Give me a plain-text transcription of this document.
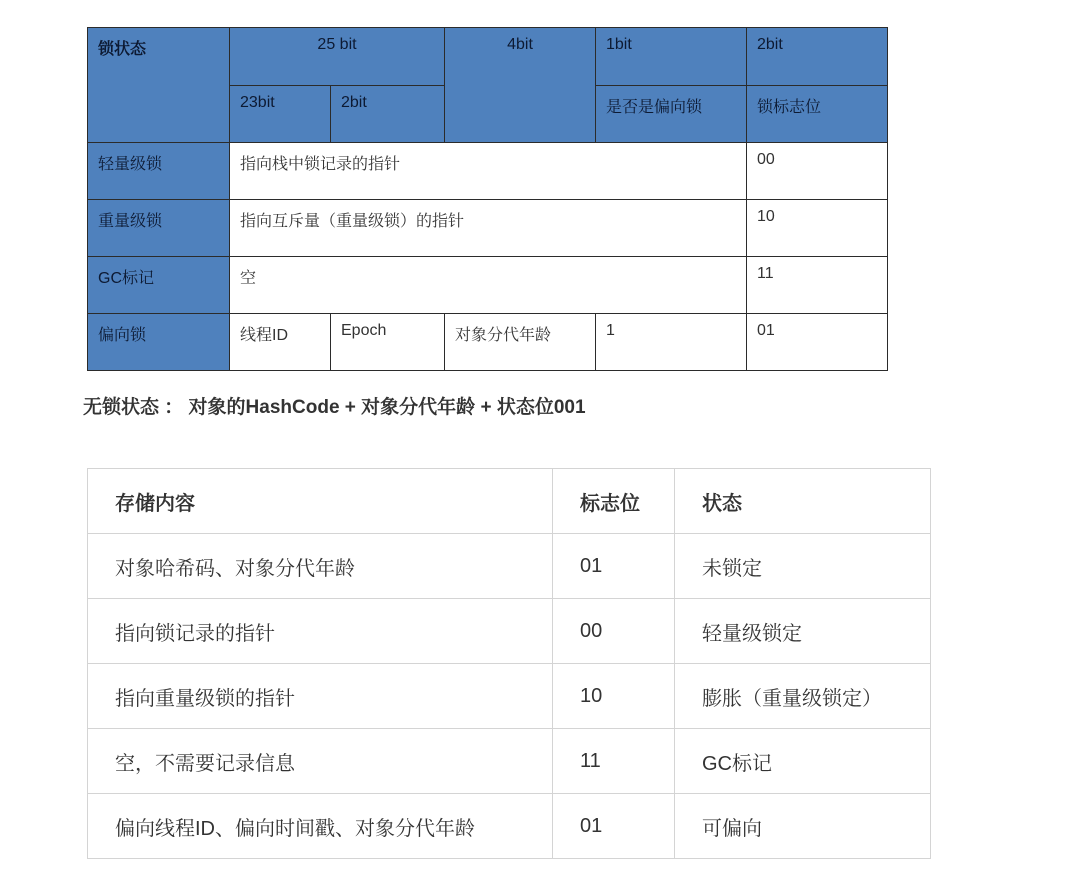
锁状态	25 bit		4bit	1bit	2bit
	23bit	2bit		是否是偏向锁	锁标志位
轻量级锁	指向栈中锁记录的指针				00
重量级锁	指向互斥量（重量级锁）的指针				10
GC标记	空				11
偏向锁	线程ID	Epoch	对象分代年龄	1	01
无锁状态 ： 对象的HashCode + 对象分代年龄 + 状态位001
存储内容	标志位	状态
对象哈希码、对象分代年龄	01	未锁定
指向锁记录的指针	00	轻量级锁定
指向重量级锁的指针	10	膨胀（重量级锁定）
空，不需要记录信息	11	GC标记
偏向线程ID、偏向时间戳、对象分代年龄	01	可偏向
